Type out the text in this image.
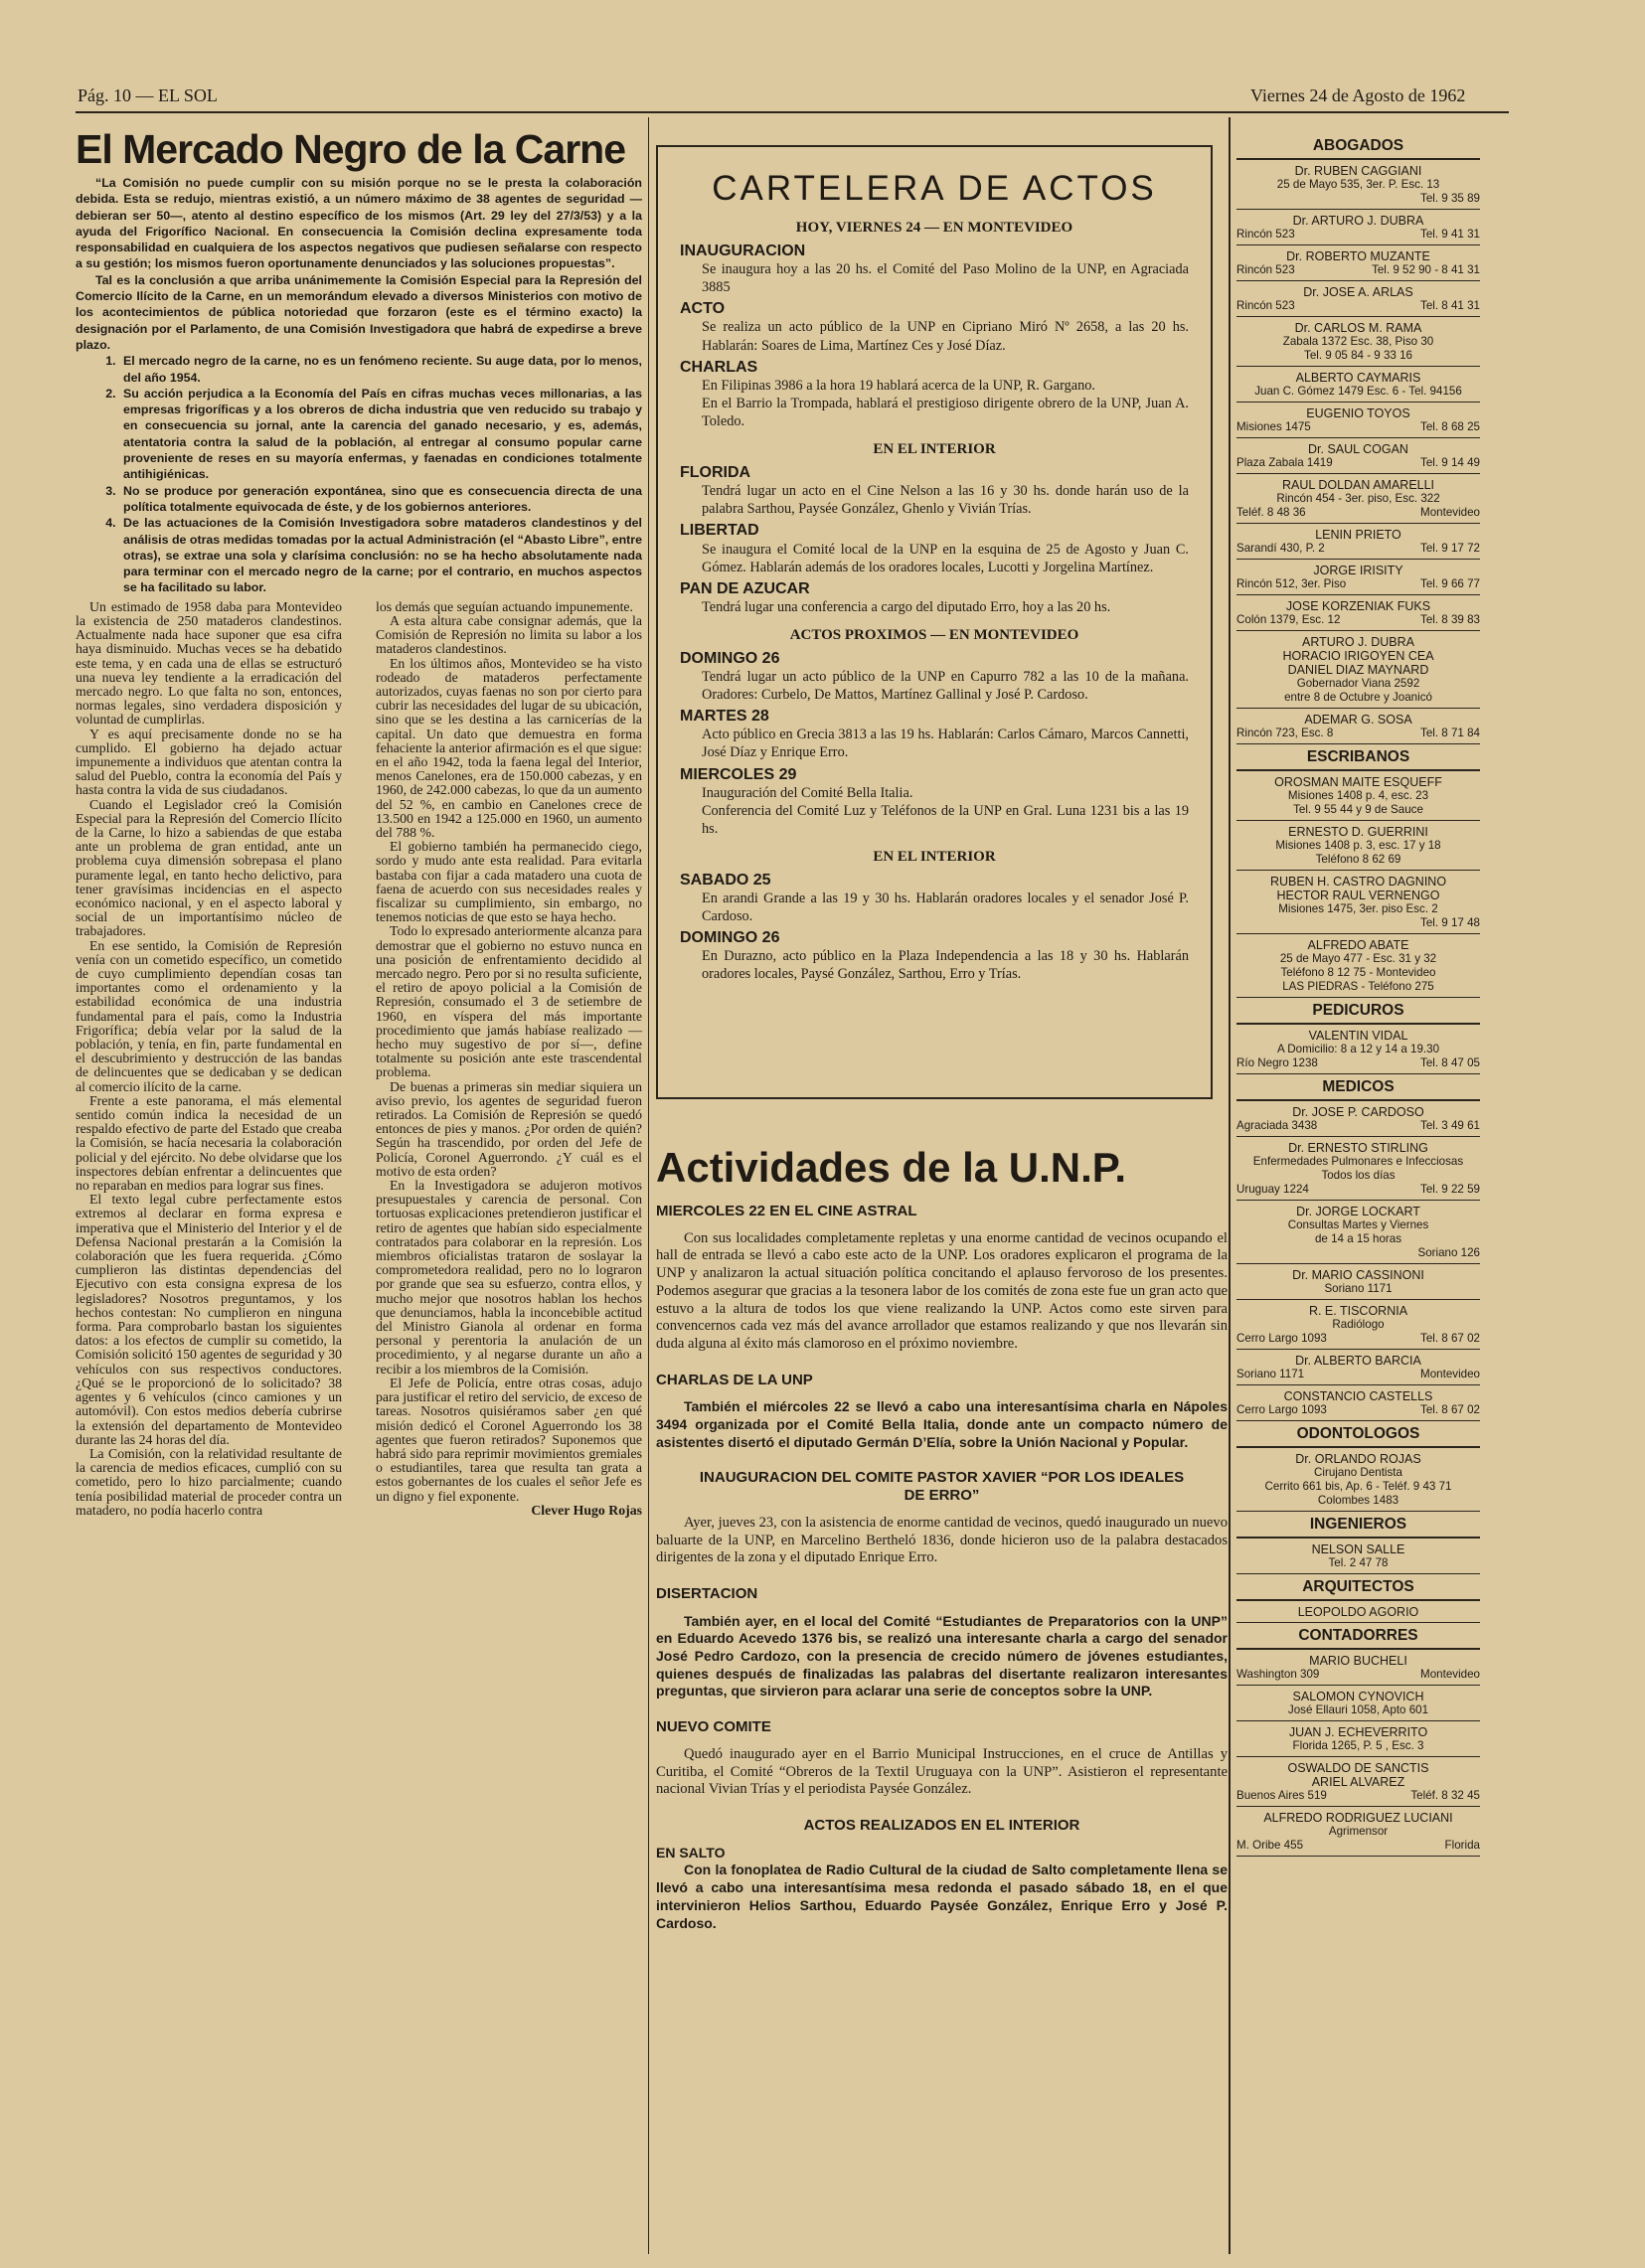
Pág. 10 — EL SOL	Viernes 24 de Agosto de 1962
El Mercado Negro de la Carne

“La Comisión no puede cumplir con su misión porque no se le presta la colaboración debida. Esta se redujo, mientras existió, a un número máximo de 38 agentes de seguridad —debieran ser 50—, atento al destino específico de los mismos (Art. 29 ley del 27/3/53) y a la ayuda del Frigorífico Nacional. En consecuencia la Comisión declina expresamente toda responsabilidad en cualquiera de los aspectos negativos que pudiesen señalarse con respecto a su gestión; los mismos fueron oportunamente denunciados y las soluciones propuestas”.

Tal es la conclusión a que arriba unánimemente la Comisión Especial para la Represión del Comercio Ilícito de la Carne, en un memorándum elevado a diversos Ministerios con motivo de los acontecimientos de pública notoriedad que forzaron (este es el término exacto) la designación por el Parlamento, de una Comisión Investigadora que habrá de expedirse a breve plazo.

1. El mercado negro de la carne, no es un fenómeno reciente. Su auge data, por lo menos, del año 1954.
2. Su acción perjudica a la Economía del País en cifras muchas veces millonarias, a las empresas frigoríficas y a los obreros de dicha industria que ven reducido su trabajo y en consecuencia su jornal, ante la carencia del ganado necesario, y es, además, atentatoria contra la salud de la población, al entregar al consumo popular carne proveniente de reses en su mayoría enfermas, y faenadas en condiciones totalmente antihigiénicas.
3. No se produce por generación expontánea, sino que es consecuencia directa de una política totalmente equivocada de éste, y de los gobiernos anteriores.
4. De las actuaciones de la Comisión Investigadora sobre mataderos clandestinos y del análisis de otras medidas tomadas por la actual Administración (el “Abasto Libre”, entre otras), se extrae una sola y clarísima conclusión: no se ha hecho absolutamente nada para terminar con el mercado negro de la carne; por el contrario, en muchos aspectos se ha facilitado su labor.

Un estimado de 1958 daba para Montevideo la existencia de 250 mataderos clandestinos. Actualmente nada hace suponer que esa cifra haya disminuido. Muchas veces se ha debatido este tema, y en cada una de ellas se estructuró una nueva ley tendiente a la erradicación del mercado negro. Lo que falta no son, entonces, normas legales, sino verdadera disposición y voluntad de cumplirlas.

Y es aquí precisamente donde no se ha cumplido. El gobierno ha dejado actuar impunemente a individuos que atentan contra la salud del Pueblo, contra la economía del País y hasta contra la vida de sus ciudadanos.

Cuando el Legislador creó la Comisión Especial para la Represión del Comercio Ilícito de la Carne, lo hizo a sabiendas de que estaba ante un problema de gran entidad, ante un problema cuya dimensión sobrepasa el plano puramente legal, en tanto hecho delictivo, para tener gravísimas incidencias en el aspecto económico nacional, y en el aspecto laboral y social de un importantísimo núcleo de trabajadores.

En ese sentido, la Comisión de Represión venía con un cometido específico, un cometido de cuyo cumplimiento dependían cosas tan importantes como el ordenamiento y la estabilidad económica de una industria fundamental para el país, como la Industria Frigorífica; debía velar por la salud de la población, y tenía, en fin, parte fundamental en el descubrimiento y destrucción de las bandas de delincuentes que se dedicaban y se dedican al comercio ilícito de la carne.

Frente a este panorama, el más elemental sentido común indica la necesidad de un respaldo efectivo de parte del Estado que creaba la Comisión, se hacía necesaria la colaboración policial y del ejército. No debe olvidarse que los inspectores debían enfrentar a delincuentes que no reparaban en medios para lograr sus fines.

El texto legal cubre perfectamente estos extremos al declarar en forma expresa e imperativa que el Ministerio del Interior y el de Defensa Nacional prestarán a la Comisión la colaboración que les fuera requerida. ¿Cómo cumplieron las distintas dependencias del Ejecutivo con esta consigna expresa de los legisladores? Nosotros preguntamos, y los hechos contestan: No cumplieron en ninguna forma. Para comprobarlo bastan los siguientes datos: a los efectos de cumplir su cometido, la Comisión solicitó 150 agentes de seguridad y 30 vehículos con sus respectivos conductores. ¿Qué se le proporcionó de lo solicitado? 38 agentes y 6 vehículos (cinco camiones y un automóvil). Con estos medios debería cubrirse la extensión del departamento de Montevideo durante las 24 horas del día.

La Comisión, con la relatividad resultante de la carencia de medios eficaces, cumplió con su cometido, pero lo hizo parcialmente; cuando tenía posibilidad material de proceder contra un matadero, no podía hacerlo contra

los demás que seguían actuando impunemente.

A esta altura cabe consignar además, que la Comisión de Represión no limita su labor a los mataderos clandestinos.

En los últimos años, Montevideo se ha visto rodeado de mataderos perfectamente autorizados, cuyas faenas no son por cierto para cubrir las necesidades del lugar de su ubicación, sino que se les destina a las carnicerías de la capital. Un dato que demuestra en forma fehaciente la anterior afirmación es el que sigue: en el año 1942, toda la faena legal del Interior, menos Canelones, era de 150.000 cabezas, y en 1960, de 242.000 cabezas, lo que da un aumento del 52 %, en cambio en Canelones crece de 13.500 en 1942 a 125.000 en 1960, un aumento del 788 %.

El gobierno también ha permanecido ciego, sordo y mudo ante esta realidad. Para evitarla bastaba con fijar a cada matadero una cuota de faena de acuerdo con sus necesidades reales y fiscalizar su cumplimiento, sin embargo, no tenemos noticias de que esto se haya hecho.

Todo lo expresado anteriormente alcanza para demostrar que el gobierno no estuvo nunca en una posición de enfrentamiento decidido al mercado negro. Pero por si no resulta suficiente, el retiro de apoyo policial a la Comisión de Represión, consumado el 3 de setiembre de 1960, en víspera del más importante procedimiento que jamás habíase realizado —hecho muy sugestivo de por sí—, define totalmente su posición ante este trascendental problema.

De buenas a primeras sin mediar siquiera un aviso previo, los agentes de seguridad fueron retirados. La Comisión de Represión se quedó entonces de pies y manos. ¿Por orden de quién? Según ha trascendido, por orden del Jefe de Policía, Coronel Aguerrondo. ¿Y cuál es el motivo de esta orden?

En la Investigadora se adujeron motivos presupuestales y carencia de personal. Con tortuosas explicaciones pretendieron justificar el retiro de agentes que habían sido especialmente contratados para colaborar en la represión. Los miembros oficialistas trataron de soslayar la comprometedora realidad, pero no lo lograron por grande que sea su esfuerzo, contra ellos, y mucho mejor que nosotros hablan los hechos que denunciamos, habla la inconcebible actitud del Ministro Gianola al ordenar en forma personal y perentoria la anulación de un procedimiento, y al negarse durante un año a recibir a los miembros de la Comisión.

El Jefe de Policía, entre otras cosas, adujo para justificar el retiro del servicio, de exceso de tareas. Nosotros quisiéramos saber ¿en qué misión dedicó el Coronel Aguerrondo los 38 agentes que fueron retirados? Suponemos que habrá sido para reprimir movimientos gremiales o estudiantiles, tarea que resulta tan grata a estos gobernantes de los cuales el señor Jefe es un digno y fiel exponente.

Clever Hugo Rojas

CARTELERA DE ACTOS
HOY, VIERNES 24 — EN MONTEVIDEO
INAUGURACION
Se inaugura hoy a las 20 hs. el Comité del Paso Molino de la UNP, en Agraciada 3885
ACTO
Se realiza un acto público de la UNP en Cipriano Miró Nº 2658, a las 20 hs. Hablarán: Soares de Lima, Martínez Ces y José Díaz.
CHARLAS
En Filipinas 3986 a la hora 19 hablará acerca de la UNP, R. Gargano.
En el Barrio la Trompada, hablará el prestigioso dirigente obrero de la UNP, Juan A. Toledo.
EN EL INTERIOR
FLORIDA
Tendrá lugar un acto en el Cine Nelson a las 16 y 30 hs. donde harán uso de la palabra Sarthou, Paysée González, Ghenlo y Vivián Trías.
LIBERTAD
Se inaugura el Comité local de la UNP en la esquina de 25 de Agosto y Juan C. Gómez. Hablarán además de los oradores locales, Lucotti y Jorgelina Martínez.
PAN DE AZUCAR
Tendrá lugar una conferencia a cargo del diputado Erro, hoy a las 20 hs.
ACTOS PROXIMOS — EN MONTEVIDEO
DOMINGO 26
Tendrá lugar un acto público de la UNP en Capurro 782 a las 10 de la mañana. Oradores: Curbelo, De Mattos, Martínez Gallinal y José P. Cardoso.
MARTES 28
Acto público en Grecia 3813 a las 19 hs. Hablarán: Carlos Cámaro, Marcos Cannetti, José Díaz y Enrique Erro.
MIERCOLES 29
Inauguración del Comité Bella Italia.
Conferencia del Comité Luz y Teléfonos de la UNP en Gral. Luna 1231 bis a las 19 hs.
EN EL INTERIOR
SABADO 25
En arandi Grande a las 19 y 30 hs. Hablarán oradores locales y el senador José P. Cardoso.
DOMINGO 26
En Durazno, acto público en la Plaza Independencia a las 18 y 30 hs. Hablarán oradores locales, Paysé González, Sarthou, Erro y Trías.
Actividades de la U.N.P.
MIERCOLES 22 EN EL CINE ASTRAL

Con sus localidades completamente repletas y una enorme cantidad de vecinos ocupando el hall de entrada se llevó a cabo este acto de la UNP. Los oradores explicaron el programa de la UNP y analizaron la actual situación política concitando el aplauso fervoroso de los presentes. Podemos asegurar que gracias a la tesonera labor de los comités de zona este fue un gran acto que estuvo a la altura de todos los que viene realizando la UNP. Actos como este sirven para convencernos cada vez más del avance arrollador que estamos realizando y que nos llevarán sin duda alguna al éxito más clamoroso en el próximo noviembre.

CHARLAS DE LA UNP

También el miércoles 22 se llevó a cabo una interesantísima charla en Nápoles 3494 organizada por el Comité Bella Italia, donde ante un compacto número de asistentes disertó el diputado Germán D’Elía, sobre la Unión Nacional y Popular.

INAUGURACION DEL COMITE PASTOR XAVIER “POR LOS IDEALES DE ERRO”

Ayer, jueves 23, con la asistencia de enorme cantidad de vecinos, quedó inaugurado un nuevo baluarte de la UNP, en Marcelino Bertheló 1836, donde hicieron uso de la palabra destacados dirigentes de la zona y el diputado Enrique Erro.

DISERTACION

También ayer, en el local del Comité “Estudiantes de Preparatorios con la UNP” en Eduardo Acevedo 1376 bis, se realizó una interesante charla a cargo del senador José Pedro Cardozo, con la presencia de crecido número de jóvenes estudiantes, quienes después de finalizadas las palabras del disertante realizaron interesantes preguntas, que sirvieron para aclarar una serie de conceptos sobre la UNP.

NUEVO COMITE

Quedó inaugurado ayer en el Barrio Municipal Instrucciones, en el cruce de Antillas y Curitiba, el Comité “Obreros de la Textil Uruguaya con la UNP”. Asistieron el representante nacional Vivian Trías y el periodista Paysée González.

ACTOS REALIZADOS EN EL INTERIOR
EN SALTO

Con la fonoplatea de Radio Cultural de la ciudad de Salto completamente llena se llevó a cabo una interesantísima mesa redonda el pasado sábado 18, en el que intervinieron Helios Sarthou, Eduardo Paysée González, Enrique Erro y José P. Cardoso.

ABOGADOS
Dr. RUBEN CAGGIANI
25 de Mayo 535, 3er. P. Esc. 13
Tel. 9 35 89
Dr. ARTURO J. DUBRA
Rincón 523	Tel. 9 41 31
Dr. ROBERTO MUZANTE
Rincón 523	Tel. 9 52 90 - 8 41 31
Dr. JOSE A. ARLAS
Rincón 523	Tel. 8 41 31
Dr. CARLOS M. RAMA
Zabala 1372 Esc. 38, Piso 30
Tel. 9 05 84 - 9 33 16
ALBERTO CAYMARIS
Juan C. Gómez 1479 Esc. 6 - Tel. 94156
EUGENIO TOYOS
Misiones 1475	Tel. 8 68 25
Dr. SAUL COGAN
Plaza Zabala 1419	Tel. 9 14 49
RAUL DOLDAN AMARELLI
Rincón 454 - 3er. piso, Esc. 322
Teléf. 8 48 36	Montevideo
LENIN PRIETO
Sarandí 430, P. 2	Tel. 9 17 72
JORGE IRISITY
Rincón 512, 3er. Piso	Tel. 9 66 77
JOSE KORZENIAK FUKS
Colón 1379, Esc. 12	Tel. 8 39 83
ARTURO J. DUBRA
HORACIO IRIGOYEN CEA
DANIEL DIAZ MAYNARD
Gobernador Viana 2592
entre 8 de Octubre y Joanicó
ADEMAR G. SOSA
Rincón 723, Esc. 8	Tel. 8 71 84
ESCRIBANOS
OROSMAN MAITE ESQUEFF
Misiones 1408 p. 4, esc. 23
Tel. 9 55 44 y 9 de Sauce
ERNESTO D. GUERRINI
Misiones 1408 p. 3, esc. 17 y 18
Teléfono 8 62 69
RUBEN H. CASTRO DAGNINO
HECTOR RAUL VERNENGO
Misiones 1475, 3er. piso Esc. 2
Tel. 9 17 48
ALFREDO ABATE
25 de Mayo 477 - Esc. 31 y 32
Teléfono 8 12 75 - Montevideo
LAS PIEDRAS - Teléfono 275
PEDICUROS
VALENTIN VIDAL
A Domicilio: 8 a 12 y 14 a 19.30
Río Negro 1238	Tel. 8 47 05
MEDICOS
Dr. JOSE P. CARDOSO
Agraciada 3438	Tel. 3 49 61
Dr. ERNESTO STIRLING
Enfermedades Pulmonares e Infecciosas
Todos los días
Uruguay 1224	Tel. 9 22 59
Dr. JORGE LOCKART
Consultas Martes y Viernes
de 14 a 15 horas
Soriano 126
Dr. MARIO CASSINONI
Soriano 1171
R. E. TISCORNIA
Radiólogo
Cerro Largo 1093	Tel. 8 67 02
Dr. ALBERTO BARCIA
Soriano 1171	Montevideo
CONSTANCIO CASTELLS
Cerro Largo 1093	Tel. 8 67 02
ODONTOLOGOS
Dr. ORLANDO ROJAS
Cirujano Dentista
Cerrito 661 bis, Ap. 6 - Teléf. 9 43 71
Colombes 1483
INGENIEROS
NELSON SALLE
Tel. 2 47 78
ARQUITECTOS
LEOPOLDO AGORIO
CONTADORRES
MARIO BUCHELI
Washington 309	Montevideo
SALOMON CYNOVICH
José Ellauri 1058, Apto 601
JUAN J. ECHEVERRITO
Florida 1265, P. 5 , Esc. 3
OSWALDO DE SANCTIS
ARIEL ALVAREZ
Buenos Aires 519	Teléf. 8 32 45
ALFREDO RODRIGUEZ LUCIANI
Agrimensor
M. Oribe 455	Florida
